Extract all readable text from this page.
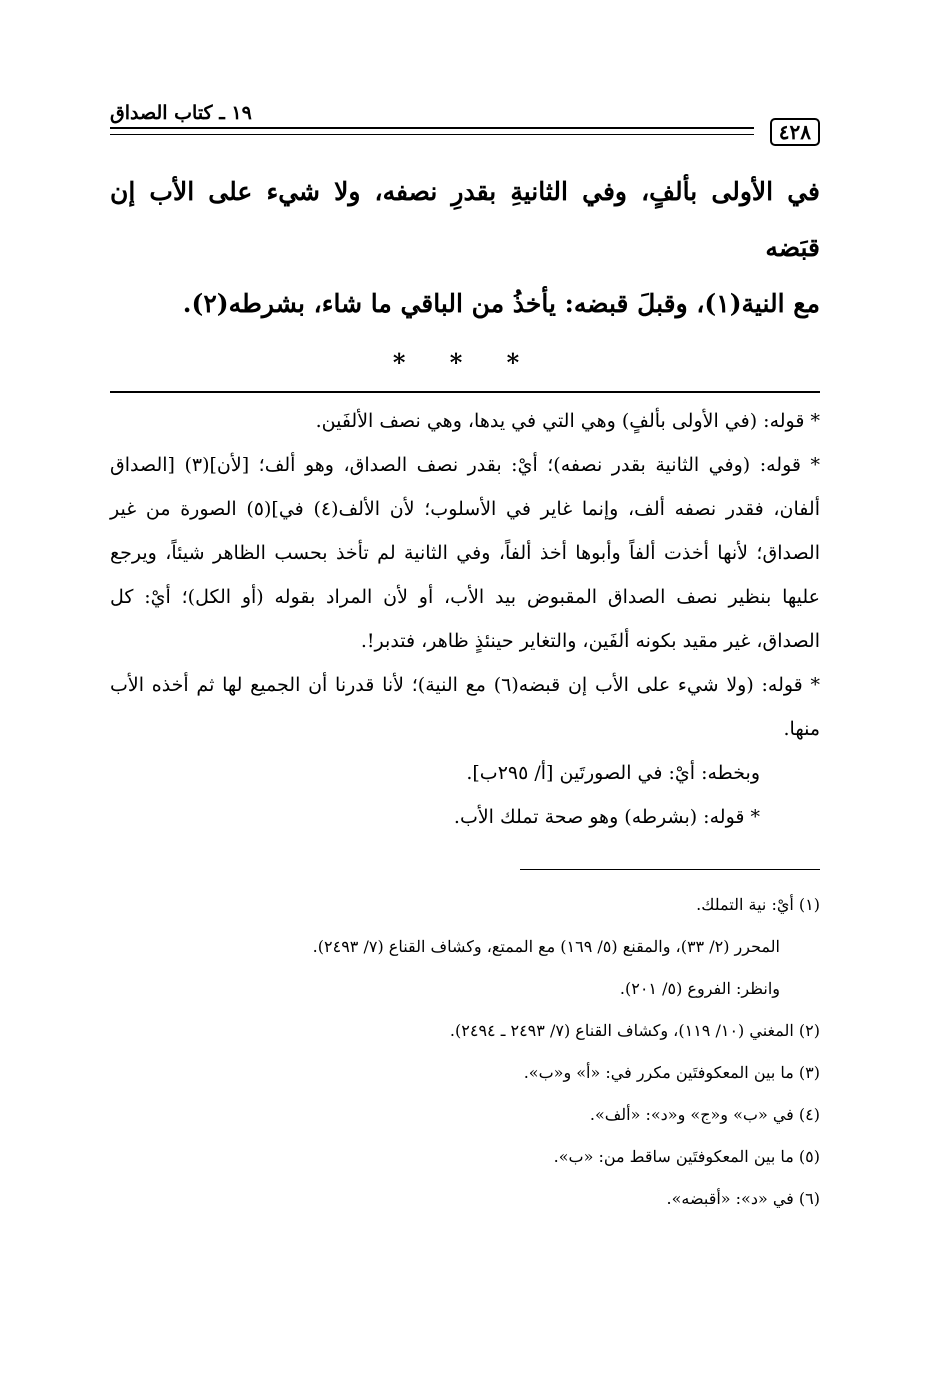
٤٢٨
١٩ ـ كتاب الصداق
في الأولى بألفٍ، وفي الثانيةِ بقدرِ نصفه، ولا شيء على الأب إن قبَضه
مع النية(١)، وقبلَ قبضه: يأخذُ من الباقي ما شاء، بشرطه(٢).
* * *

* قوله: (في الأولى بألفٍ) وهي التي في يدها، وهي نصف الألفَين.

* قوله: (وفي الثانية بقدر نصفه)؛ أيْ: بقدر نصف الصداق، وهو ألف؛ [لأن](٣) [الصداق ألفان، فقدر نصفه ألف، وإنما غاير في الأسلوب؛ لأن الألف(٤) في](٥) الصورة من غير الصداق؛ لأنها أخذت ألفاً وأبوها أخذ ألفاً، وفي الثانية لم تأخذ بحسب الظاهر شيئاً، ويرجع عليها بنظير نصف الصداق المقبوض بيد الأب، أو لأن المراد بقوله (أو الكل)؛ أيْ: كل الصداق، غير مقيد بكونه ألفَين، والتغاير حينئذٍ ظاهر، فتدبر!.

* قوله: (ولا شيء على الأب إن قبضه(٦) مع النية)؛ لأنا قدرنا أن الجميع لها ثم أخذه الأب منها.

وبخطه: أيْ: في الصورتَين [أ/ ٢٩٥ب].

* قوله: (بشرطه) وهو صحة تملك الأب.

(١) أيْ: نية التملك.

المحرر (٢/ ٣٣)، والمقنع (٥/ ١٦٩) مع الممتع، وكشاف القناع (٧/ ٢٤٩٣).

وانظر: الفروع (٥/ ٢٠١).

(٢) المغني (١٠/ ١١٩)، وكشاف القناع (٧/ ٢٤٩٣ ـ ٢٤٩٤).

(٣) ما بين المعكوفتَين مكرر في: «أ» و«ب».

(٤) في «ب» و«ج» و«د»: «ألف».

(٥) ما بين المعكوفتَين ساقط من: «ب».

(٦) في «د»: «أقبضه».
